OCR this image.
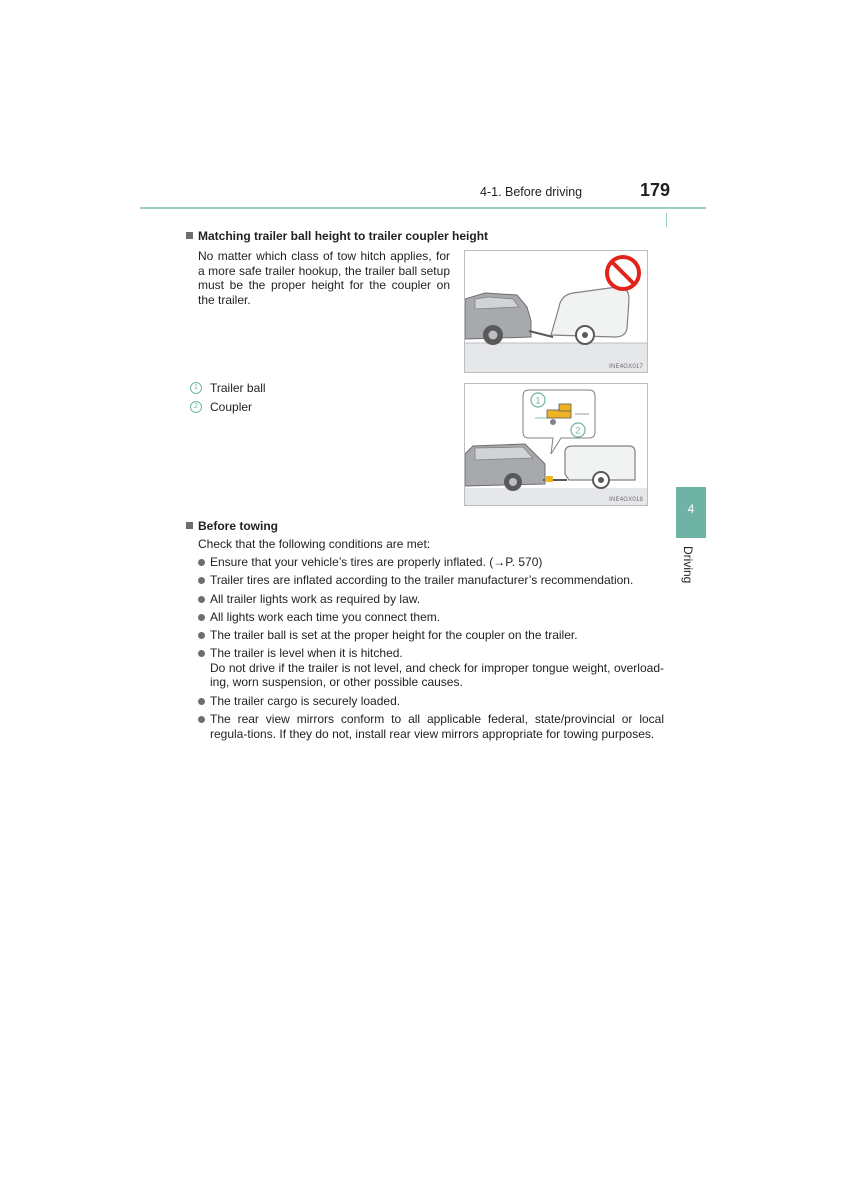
4-1. Before driving	179
Matching trailer ball height to trailer coupler height
No matter which class of tow hitch applies, for a more safe trailer hookup, the trailer ball setup must be the proper height for the coupler on the trailer.
INE4GX017
1	Trailer ball
2	Coupler	1
2
INE4GX018
Before towing
Check that the following conditions are met:
Ensure that your vehicle’s tires are properly inflated. (→P. 570)
Trailer tires are inflated according to the trailer manufacturer’s recommendation.
All trailer lights work as required by law.
All lights work each time you connect them.
The trailer ball is set at the proper height for the coupler on the trailer.
The trailer is level when it is hitched.
Do not drive if the trailer is not level, and check for improper tongue weight, overload-ing, worn suspension, or other possible causes.
The trailer cargo is securely loaded.
The rear view mirrors conform to all applicable federal, state/provincial or local regula-tions. If they do not, install rear view mirrors appropriate for towing purposes.
4
Driving
